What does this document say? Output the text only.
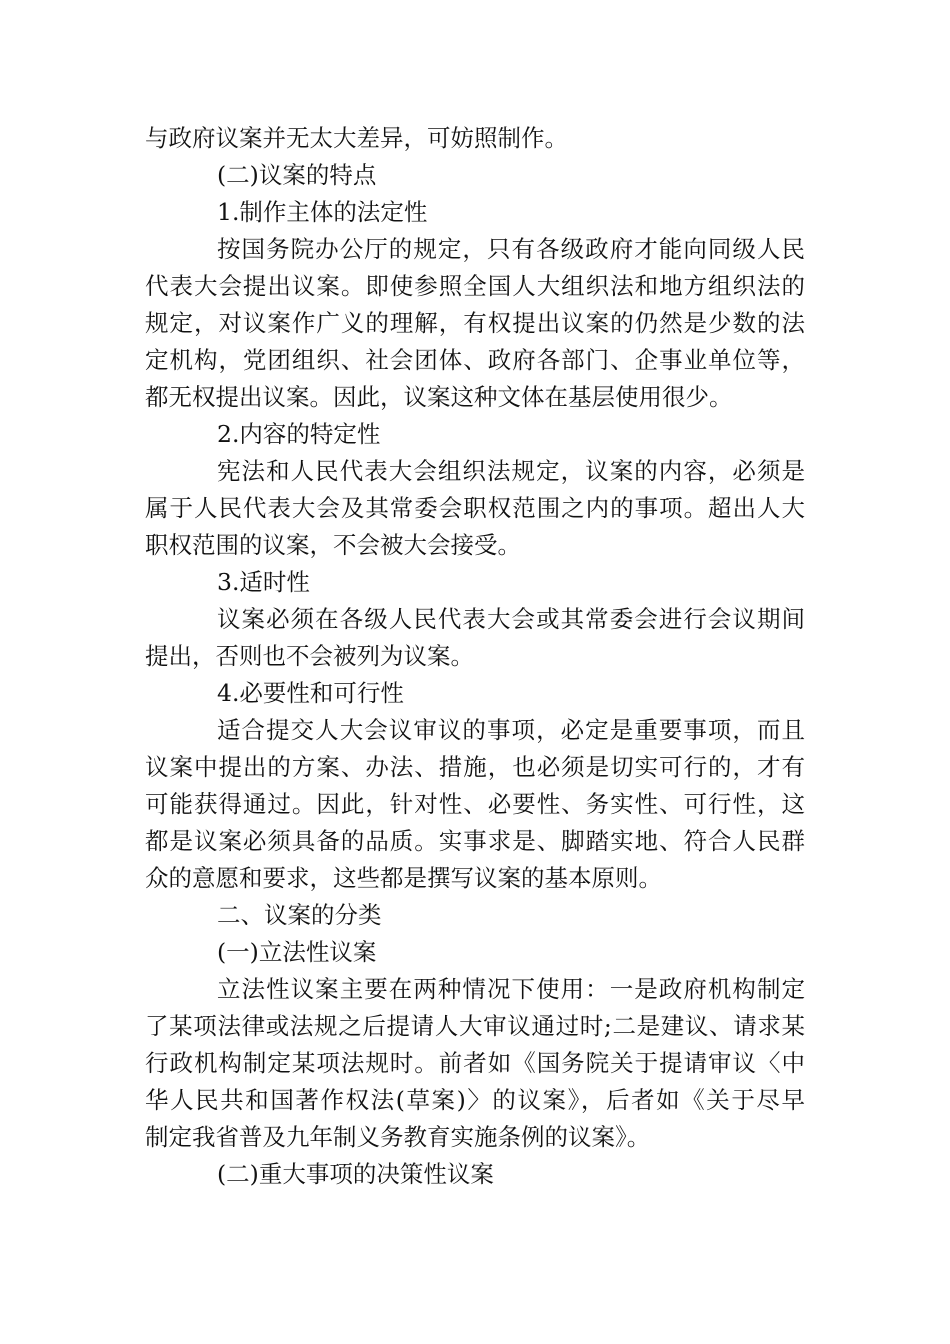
与政府议案并无太大差异，可妨照制作。
(二)议案的特点
1.制作主体的法定性
按国务院办公厅的规定，只有各级政府才能向同级人民
代表大会提出议案。即使参照全国人大组织法和地方组织法的
规定，对议案作广义的理解，有权提出议案的仍然是少数的法
定机构，党团组织、社会团体、政府各部门、企事业单位等，
都无权提出议案。因此，议案这种文体在基层使用很少。
2.内容的特定性
宪法和人民代表大会组织法规定，议案的内容，必须是
属于人民代表大会及其常委会职权范围之内的事项。超出人大
职权范围的议案，不会被大会接受。
3.适时性
议案必须在各级人民代表大会或其常委会进行会议期间
提出，否则也不会被列为议案。
4.必要性和可行性
适合提交人大会议审议的事项，必定是重要事项，而且
议案中提出的方案、办法、措施，也必须是切实可行的，才有
可能获得通过。因此，针对性、必要性、务实性、可行性，这
都是议案必须具备的品质。实事求是、脚踏实地、符合人民群
众的意愿和要求，这些都是撰写议案的基本原则。
二、议案的分类
(一)立法性议案
立法性议案主要在两种情况下使用：一是政府机构制定
了某项法律或法规之后提请人大审议通过时;二是建议、请求某
行政机构制定某项法规时。前者如《国务院关于提请审议〈中
华人民共和国著作权法(草案)〉的议案》，后者如《关于尽早
制定我省普及九年制义务教育实施条例的议案》。
(二)重大事项的决策性议案
